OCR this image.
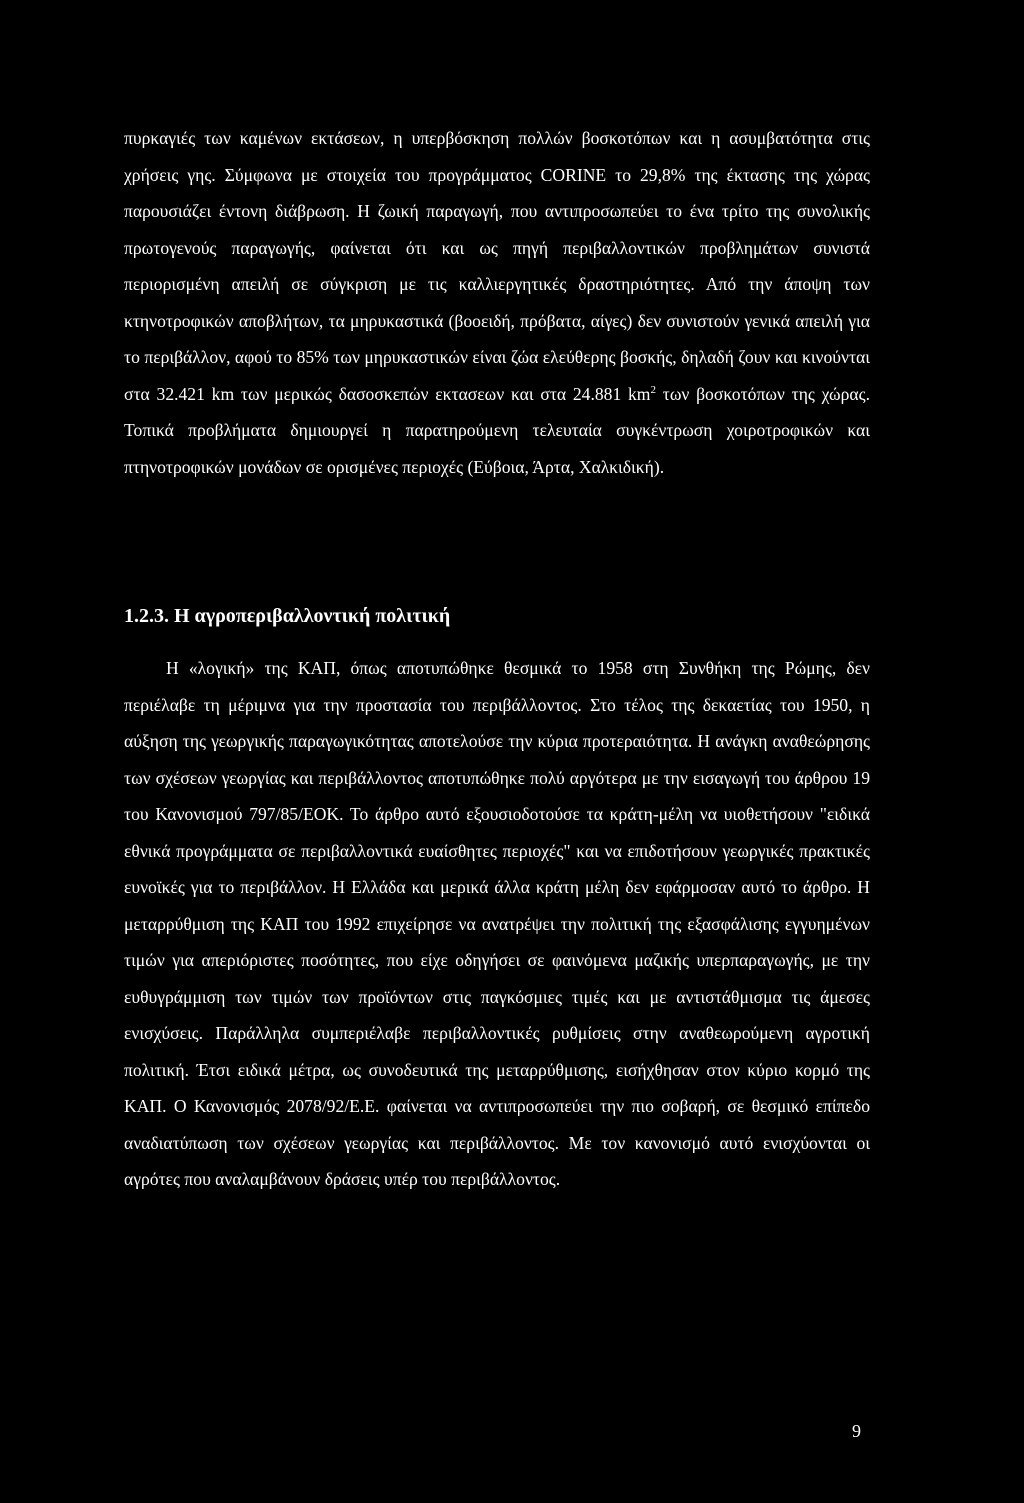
πυρκαγιές των καμένων εκτάσεων, η υπερβόσκηση πολλών βοσκοτόπων και η ασυμβατότητα στις χρήσεις γης. Σύμφωνα με στοιχεία του προγράμματος CORINE το 29,8% της έκτασης της χώρας παρουσιάζει έντονη διάβρωση. Η ζωική παραγωγή, που αντιπροσωπεύει το ένα τρίτο της συνολικής πρωτογενούς παραγωγής, φαίνεται ότι και ως πηγή περιβαλλοντικών προβλημάτων συνιστά περιορισμένη απειλή σε σύγκριση με τις καλλιεργητικές δραστηριότητες. Από την άποψη των κτηνοτροφικών αποβλήτων, τα μηρυκαστικά (βοοειδή, πρόβατα, αίγες) δεν συνιστούν γενικά απειλή για το περιβάλλον, αφού το 85% των μηρυκαστικών είναι ζώα ελεύθερης βοσκής, δηλαδή ζουν και κινούνται στα 32.421 km των μερικώς δασοσκεπών εκτασεων και στα 24.881 $km^2$ των βοσκοτόπων της χώρας. Τοπικά προβλήματα δημιουργεί η παρατηρούμενη τελευταία συγκέντρωση χοιροτροφικών και πτηνοτροφικών μονάδων σε ορισμένες περιοχές (Εύβοια, Άρτα, Χαλκιδική).

1.2.3. Η αγροπεριβαλλοντική πολιτική

Η «λογική» της ΚΑΠ, όπως αποτυπώθηκε θεσμικά το 1958 στη Συνθήκη της Ρώμης, δεν περιέλαβε τη μέριμνα για την προστασία του περιβάλλοντος. Στο τέλος της δεκαετίας του 1950, η αύξηση της γεωργικής παραγωγικότητας αποτελούσε την κύρια προτεραιότητα. Η ανάγκη αναθεώρησης των σχέσεων γεωργίας και περιβάλλοντος αποτυπώθηκε πολύ αργότερα με την εισαγωγή του άρθρου 19 του Κανονισμού 797/85/ΕΟΚ. Το άρθρο αυτό εξουσιοδοτούσε τα κράτη-μέλη να υιοθετήσουν "ειδικά εθνικά προγράμματα σε περιβαλλοντικά ευαίσθητες περιοχές" και να επιδοτήσουν γεωργικές πρακτικές ευνοϊκές για το περιβάλλον. Η Ελλάδα και μερικά άλλα κράτη μέλη δεν εφάρμοσαν αυτό το άρθρο. Η μεταρρύθμιση της ΚΑΠ του 1992 επιχείρησε να ανατρέψει την πολιτική της εξασφάλισης εγγυημένων τιμών για απεριόριστες ποσότητες, που είχε οδηγήσει σε φαινόμενα μαζικής υπερπαραγωγής, με την ευθυγράμμιση των τιμών των προϊόντων στις παγκόσμιες τιμές και με αντιστάθμισμα τις άμεσες ενισχύσεις. Παράλληλα συμπεριέλαβε περιβαλλοντικές ρυθμίσεις στην αναθεωρούμενη αγροτική πολιτική. Έτσι ειδικά μέτρα, ως συνοδευτικά της μεταρρύθμισης, εισήχθησαν στον κύριο κορμό της ΚΑΠ. Ο Κανονισμός 2078/92/Ε.Ε. φαίνεται να αντιπροσωπεύει την πιο σοβαρή, σε θεσμικό επίπεδο αναδιατύπωση των σχέσεων γεωργίας και περιβάλλοντος. Με τον κανονισμό αυτό ενισχύονται οι αγρότες που αναλαμβάνουν δράσεις υπέρ του περιβάλλοντος.

9
